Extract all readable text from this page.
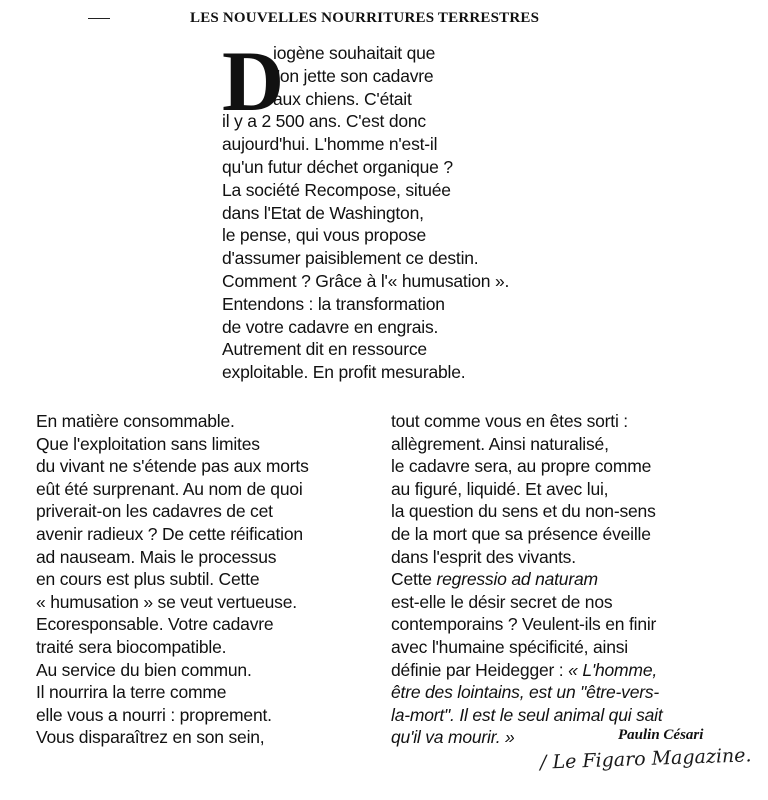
LES NOUVELLES NOURRITURES TERRESTRES
D
iogène souhaitait que
l'on jette son cadavre
aux chiens. C'était
il y a 2 500 ans. C'est donc
aujourd'hui. L'homme n'est-il
qu'un futur déchet organique ?
La société Recompose, située
dans l'Etat de Washington,
le pense, qui vous propose
d'assumer paisiblement ce destin.
Comment ? Grâce à l'« humusation ».
Entendons : la transformation
de votre cadavre en engrais.
Autrement dit en ressource
exploitable. En profit mesurable.
En matière consommable.
Que l'exploitation sans limites
du vivant ne s'étende pas aux morts
eût été surprenant. Au nom de quoi
priverait-on les cadavres de cet
avenir radieux ? De cette réification
ad nauseam. Mais le processus
en cours est plus subtil. Cette
« humusation » se veut vertueuse.
Ecoresponsable. Votre cadavre
traité sera biocompatible.
Au service du bien commun.
Il nourrira la terre comme
elle vous a nourri : proprement.
Vous disparaîtrez en son sein,
tout comme vous en êtes sorti :
allègrement. Ainsi naturalisé,
le cadavre sera, au propre comme
au figuré, liquidé. Et avec lui,
la question du sens et du non-sens
de la mort que sa présence éveille
dans l'esprit des vivants.
Cette regressio ad naturam
est-elle le désir secret de nos
contemporains ? Veulent-ils en finir
avec l'humaine spécificité, ainsi
définie par Heidegger : « L'homme,
être des lointains, est un "être-vers-
la-mort". Il est le seul animal qui sait
qu'il va mourir. »	Paulin Césari
/ Le Figaro Magazine.
